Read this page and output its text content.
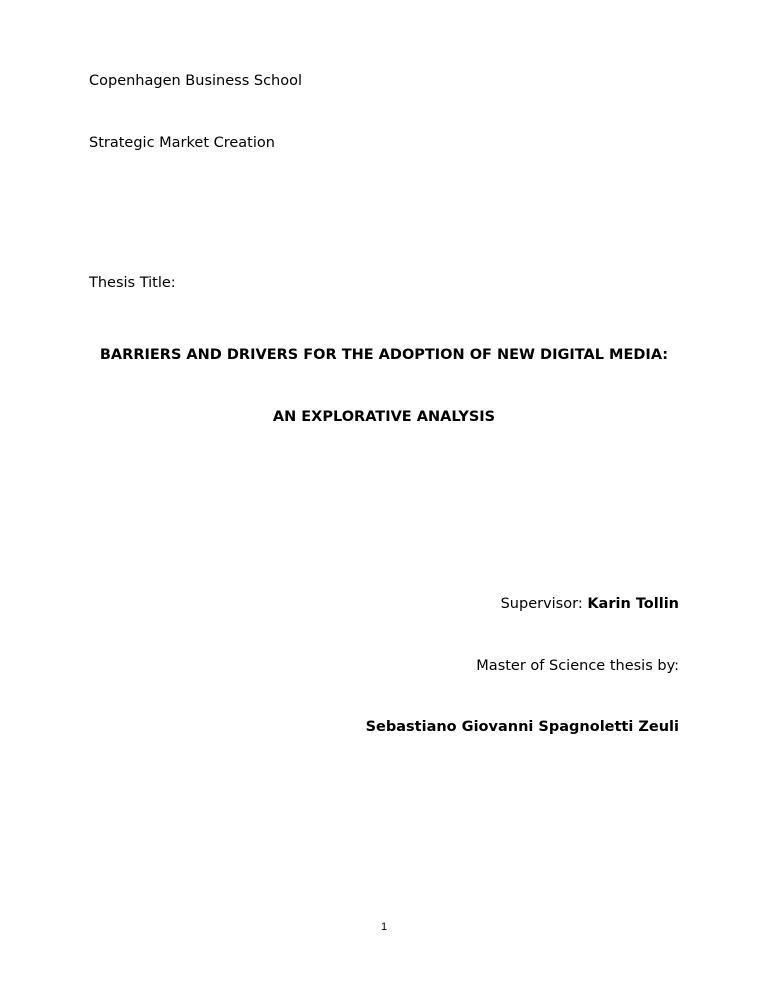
Copenhagen Business School
Strategic Market Creation
Thesis Title:
BARRIERS AND DRIVERS FOR THE ADOPTION OF NEW DIGITAL MEDIA:
AN EXPLORATIVE ANALYSIS
Supervisor: Karin Tollin
Master of Science thesis by:
Sebastiano Giovanni Spagnoletti Zeuli
1
